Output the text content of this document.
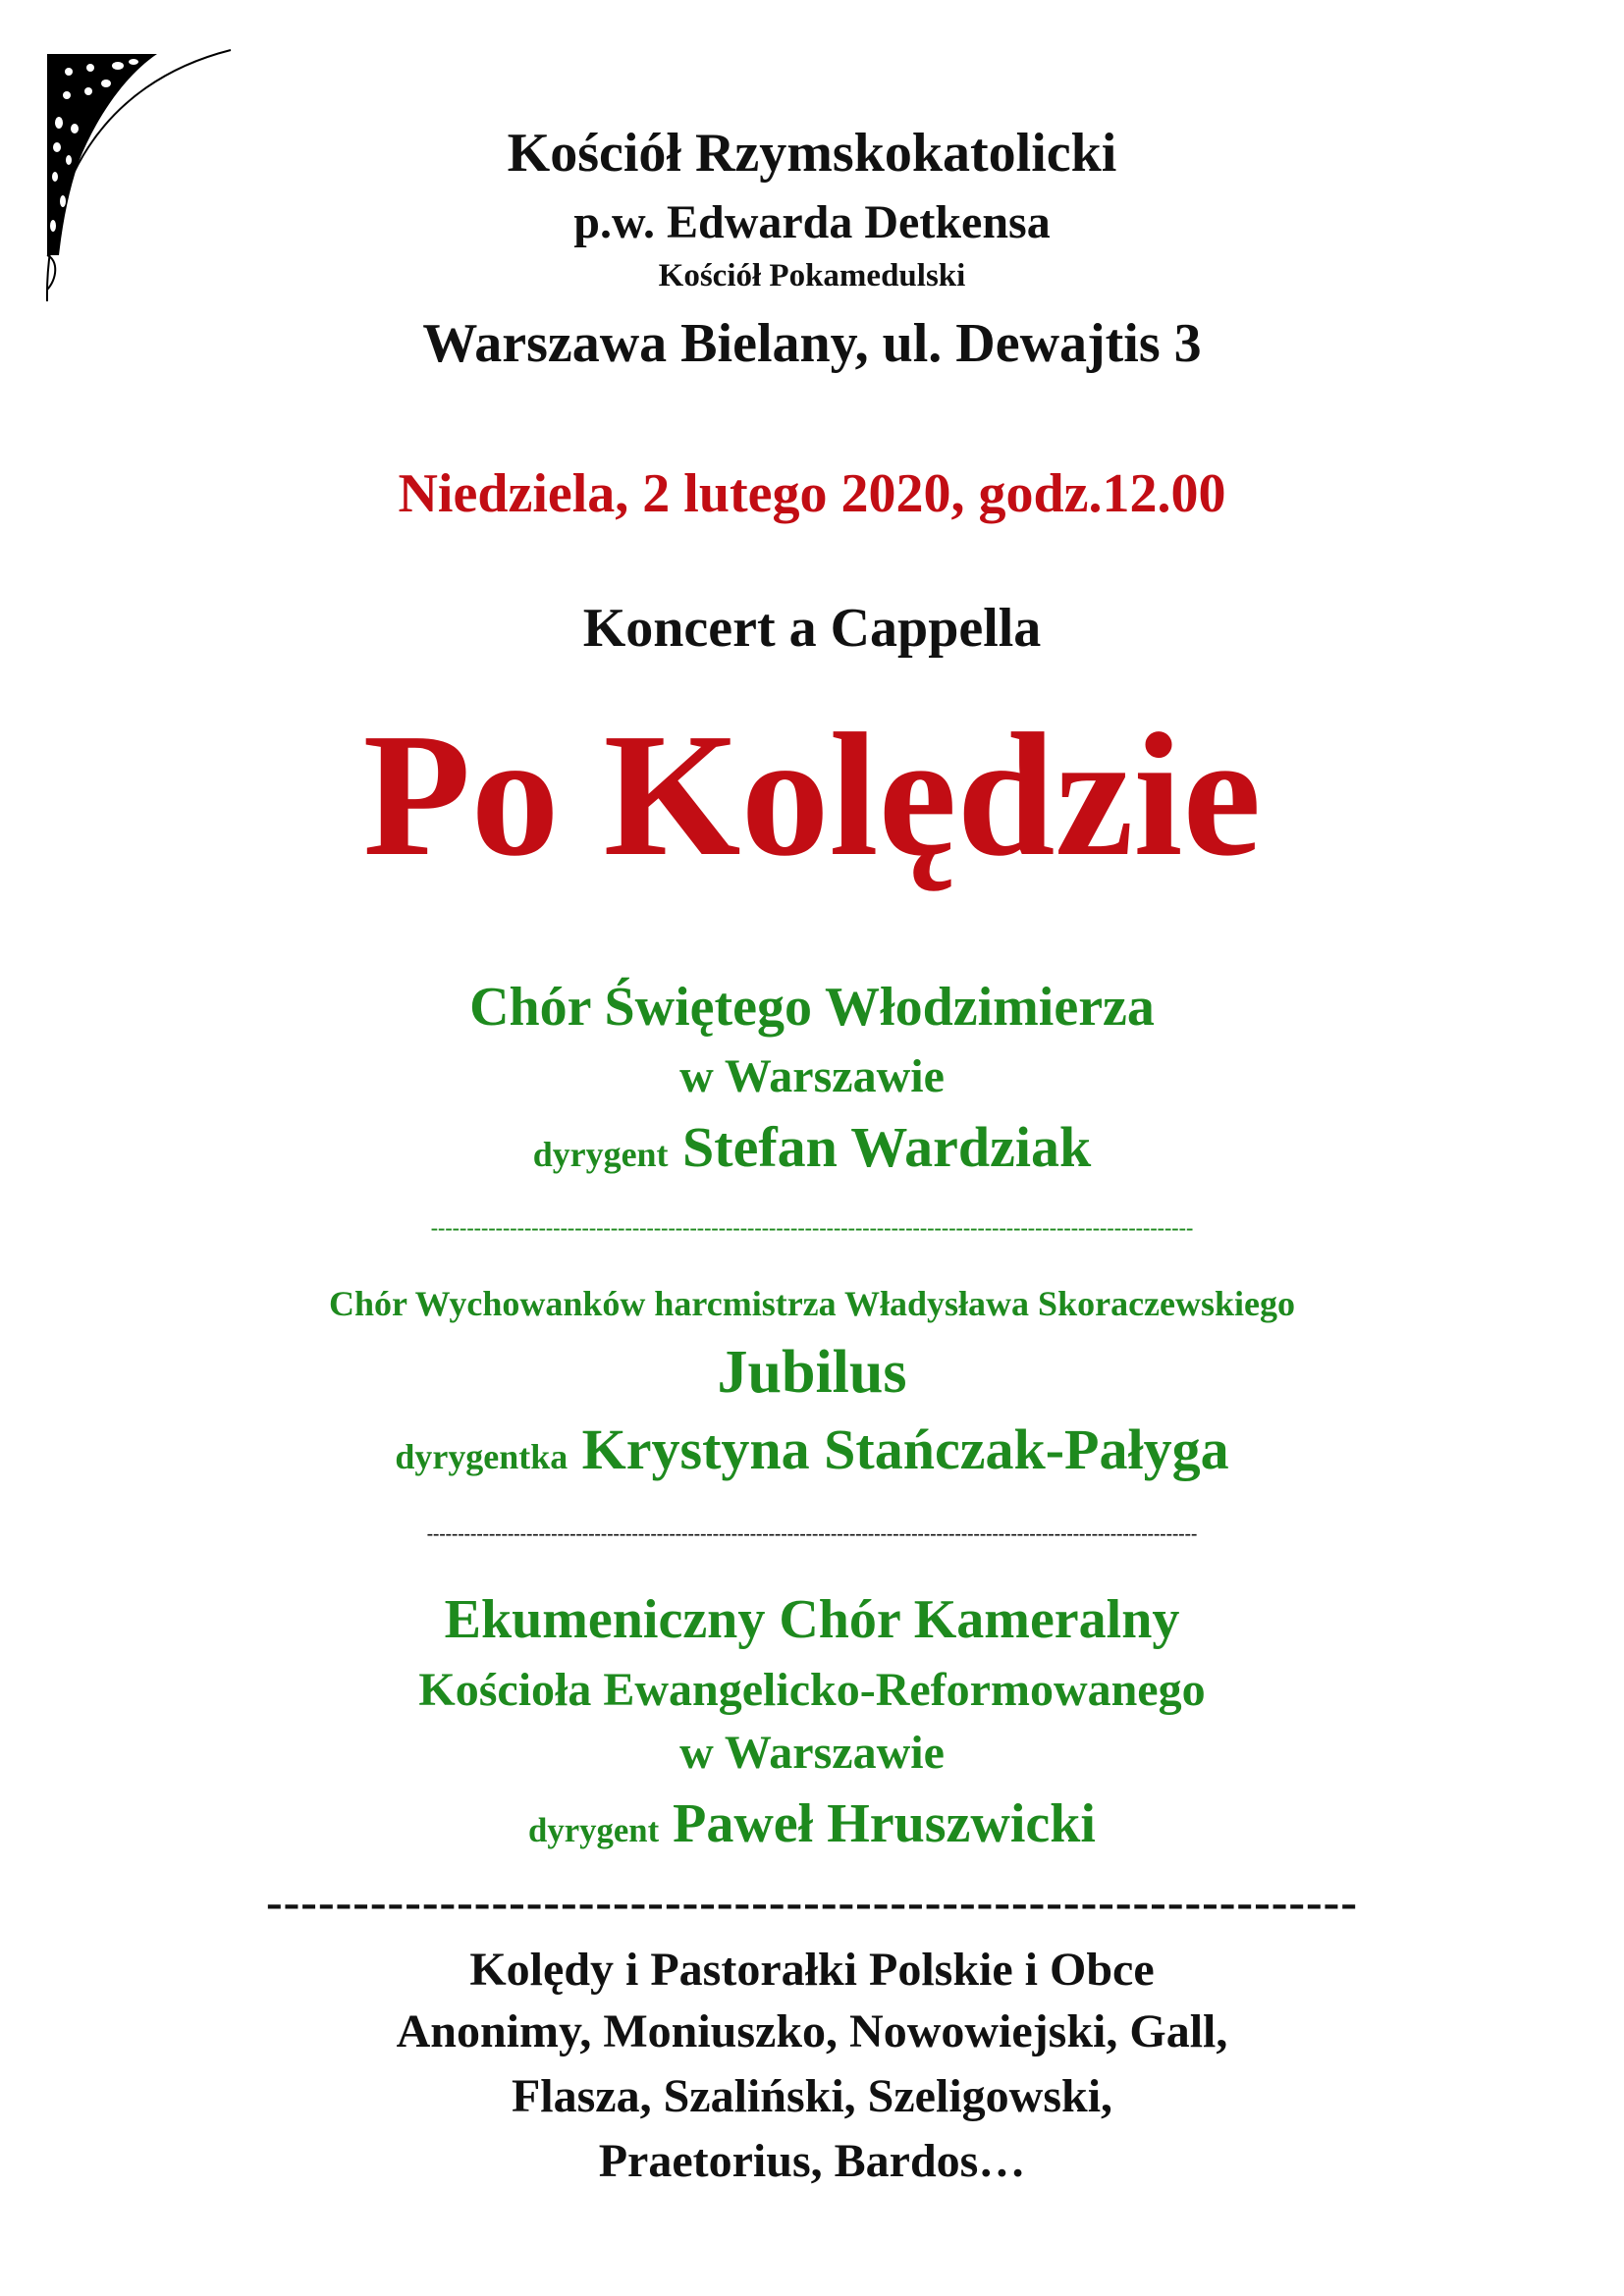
Kościół Rzymskokatolicki
p.w. Edwarda Detkensa
Kościół Pokamedulski
Warszawa Bielany, ul. Dewajtis 3
Niedziela, 2 lutego 2020, godz.12.00
Koncert a Cappella
Po Kolędzie
Chór Świętego Włodzimierza
w Warszawie
dyrygent Stefan Wardziak
----------------------------------------------------------------------------------------------------------
Chór Wychowanków harcmistrza Władysława Skoraczewskiego
Jubilus
dyrygentka Krystyna Stańczak-Pałyga
----------------------------------------------------------------------------------------------------------------------------
Ekumeniczny Chór Kameralny
Kościoła Ewangelicko-Reformowanego
w Warszawie
dyrygent Paweł Hruszwicki
---------------------------------------------------------------
Kolędy i Pastorałki Polskie i Obce
Anonimy, Moniuszko, Nowowiejski, Gall,
Flasza, Szaliński, Szeligowski,
Praetorius, Bardos…
